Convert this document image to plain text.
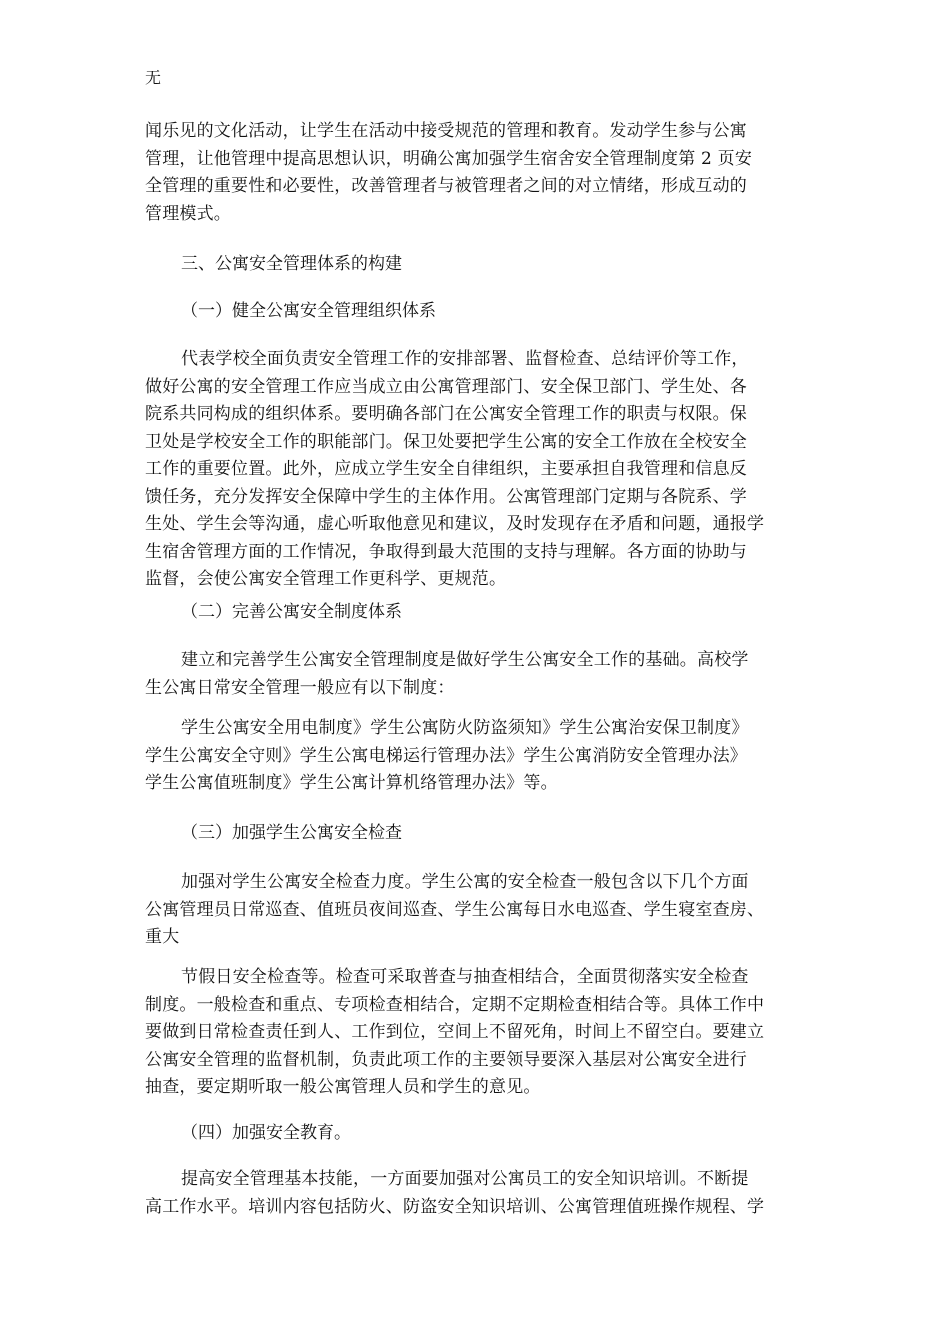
无
闻乐见的文化活动，让学生在活动中接受规范的管理和教育。发动学生参与公寓
管理，让他管理中提高思想认识，明确公寓加强学生宿舍安全管理制度第 2 页安
全管理的重要性和必要性，改善管理者与被管理者之间的对立情绪，形成互动的
管理模式。
三、公寓安全管理体系的构建
（一）健全公寓安全管理组织体系
代表学校全面负责安全管理工作的安排部署、监督检查、总结评价等工作，
做好公寓的安全管理工作应当成立由公寓管理部门、安全保卫部门、学生处、各
院系共同构成的组织体系。要明确各部门在公寓安全管理工作的职责与权限。保
卫处是学校安全工作的职能部门。保卫处要把学生公寓的安全工作放在全校安全
工作的重要位置。此外，应成立学生安全自律组织，主要承担自我管理和信息反
馈任务，充分发挥安全保障中学生的主体作用。公寓管理部门定期与各院系、学
生处、学生会等沟通，虚心听取他意见和建议，及时发现存在矛盾和问题，通报学
生宿舍管理方面的工作情况，争取得到最大范围的支持与理解。各方面的协助与
监督，会使公寓安全管理工作更科学、更规范。
（二）完善公寓安全制度体系
建立和完善学生公寓安全管理制度是做好学生公寓安全工作的基础。高校学
生公寓日常安全管理一般应有以下制度：
学生公寓安全用电制度》学生公寓防火防盗须知》学生公寓治安保卫制度》
学生公寓安全守则》学生公寓电梯运行管理办法》学生公寓消防安全管理办法》
学生公寓值班制度》学生公寓计算机络管理办法》等。
（三）加强学生公寓安全检查
加强对学生公寓安全检查力度。学生公寓的安全检查一般包含以下几个方面
公寓管理员日常巡查、值班员夜间巡查、学生公寓每日水电巡查、学生寝室查房、
重大
节假日安全检查等。检查可采取普查与抽查相结合，全面贯彻落实安全检查
制度。一般检查和重点、专项检查相结合，定期不定期检查相结合等。具体工作中
要做到日常检查责任到人、工作到位，空间上不留死角，时间上不留空白。要建立
公寓安全管理的监督机制，负责此项工作的主要领导要深入基层对公寓安全进行
抽查，要定期听取一般公寓管理人员和学生的意见。
（四）加强安全教育。
提高安全管理基本技能，一方面要加强对公寓员工的安全知识培训。不断提
高工作水平。培训内容包括防火、防盗安全知识培训、公寓管理值班操作规程、学
